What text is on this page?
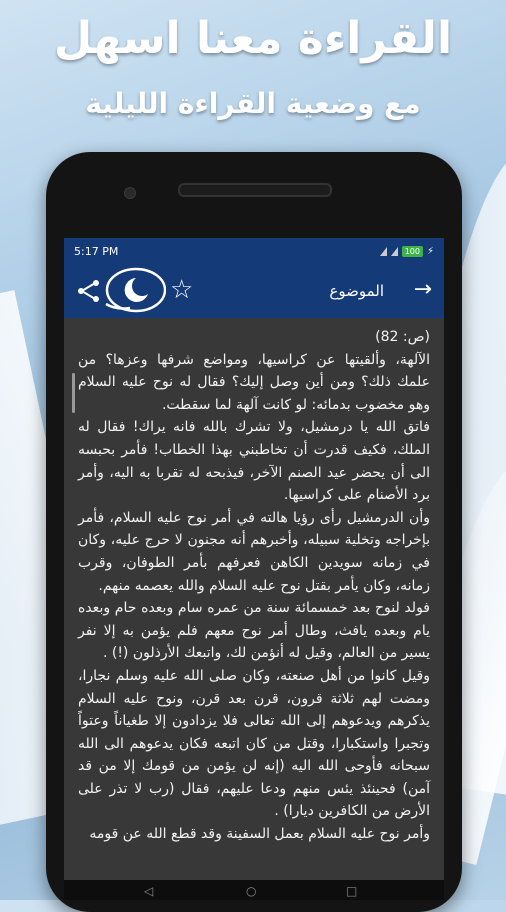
القراءة معنا اسهل
مع وضعية القراءة الليلية
5:17 PM	100 ⚡
→
الموضوع
☆

(ص: 82)

الآلهة، وألقيتها عن كراسيها، ومواضع شرفها وعزها؟ من علمك ذلك؟ ومن أين وصل إليك؟ فقال له نوح عليه السلام وهو مخضوب بدمائه: لو كانت آلهة لما سقطت.

فاتق الله يا درمشيل، ولا تشرك بالله فانه يراك! فقال له الملك، فكيف قدرت أن تخاطبني بهذا الخطاب! فأمر بحبسه الى أن يحضر عيد الصنم الآخر، فيذبحه له تقربا به اليه، وأمر برد الأصنام على كراسيها.

وأن الدرمشيل رأى رؤيا هالته في أمر نوح عليه السلام، فأمر بإخراجه وتخلية سبيله، وأخبرهم أنه مجنون لا حرج عليه، وكان في زمانه سويدين الكاهن فعرفهم بأمر الطوفان، وقرب زمانه، وكان يأمر بقتل نوح عليه السلام والله يعصمه منهم.

فولد لنوح بعد خمسمائة سنة من عمره سام وبعده حام وبعده يام وبعده يافث، وطال أمر نوح معهم فلم يؤمن به إلا نفر يسير من العالم، وقيل له أنؤمن لك، واتبعك الأرذلون (!) .

وقيل كانوا من أهل صنعته، وكان صلى الله عليه وسلم نجارا، ومضت لهم ثلاثة قرون، قرن بعد قرن، ونوح عليه السلام يذكرهم ويدعوهم إلى الله تعالى فلا يزدادون إلا طغياناً وعتواً وتجبرا واستكبارا، وقتل من كان اتبعه فكان يدعوهم الى الله سبحانه فأوحى الله اليه (إنه لن يؤمن من قومك إلا من قد آمن) فحينئذ يئس منهم ودعا عليهم، فقال (رب لا تذر على الأرض من الكافرين ديارا) .

وأمر نوح عليه السلام بعمل السفينة وقد قطع الله عن قومه

◁	○	□
